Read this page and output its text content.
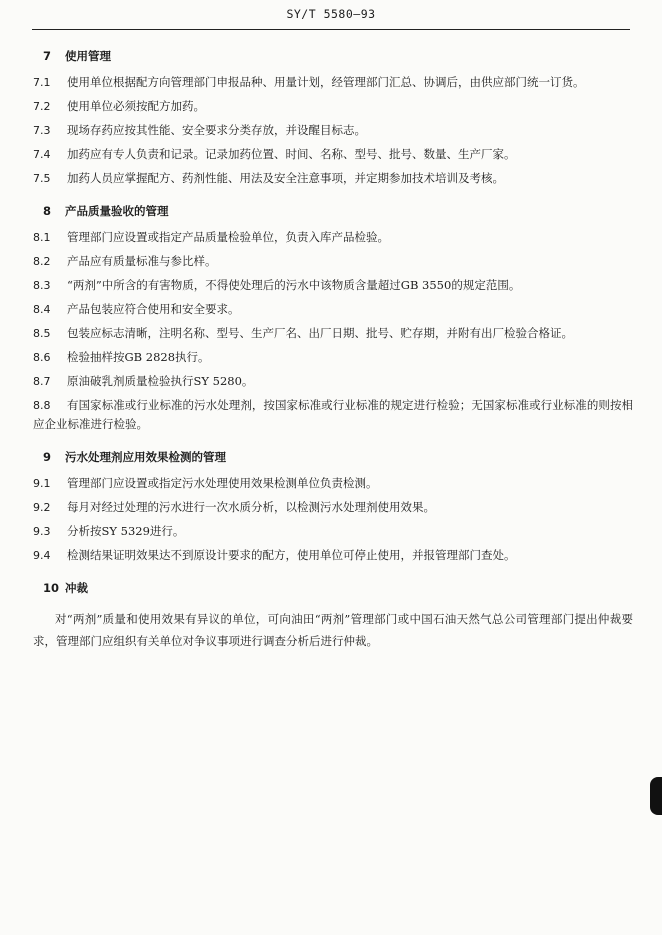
SY/T 5580—93
7 使用管理

7.1 使用单位根据配方向管理部门申报品种、用量计划，经管理部门汇总、协调后，由供应部门统一订货。

7.2 使用单位必须按配方加药。

7.3 现场存药应按其性能、安全要求分类存放，并设醒目标志。

7.4 加药应有专人负责和记录。记录加药位置、时间、名称、型号、批号、数量、生产厂家。

7.5 加药人员应掌握配方、药剂性能、用法及安全注意事项，并定期参加技术培训及考核。

8 产品质量验收的管理

8.1 管理部门应设置或指定产品质量检验单位，负责入库产品检验。

8.2 产品应有质量标准与参比样。

8.3 “两剂”中所含的有害物质，不得使处理后的污水中该物质含量超过GB 3550的规定范围。

8.4 产品包装应符合使用和安全要求。

8.5 包装应标志清晰，注明名称、型号、生产厂名、出厂日期、批号、贮存期，并附有出厂检验合格证。

8.6 检验抽样按GB 2828执行。

8.7 原油破乳剂质量检验执行SY 5280。

8.8 有国家标准或行业标准的污水处理剂，按国家标准或行业标准的规定进行检验；无国家标准或行业标准的则按相应企业标准进行检验。

9 污水处理剂应用效果检测的管理

9.1 管理部门应设置或指定污水处理使用效果检测单位负责检测。

9.2 每月对经过处理的污水进行一次水质分析，以检测污水处理剂使用效果。

9.3 分析按SY 5329进行。

9.4 检测结果证明效果达不到原设计要求的配方，使用单位可停止使用，并报管理部门查处。

10 冲裁

对“两剂”质量和使用效果有异议的单位，可向油田“两剂”管理部门或中国石油天然气总公司管理部门提出仲裁要求，管理部门应组织有关单位对争议事项进行调查分析后进行仲裁。
